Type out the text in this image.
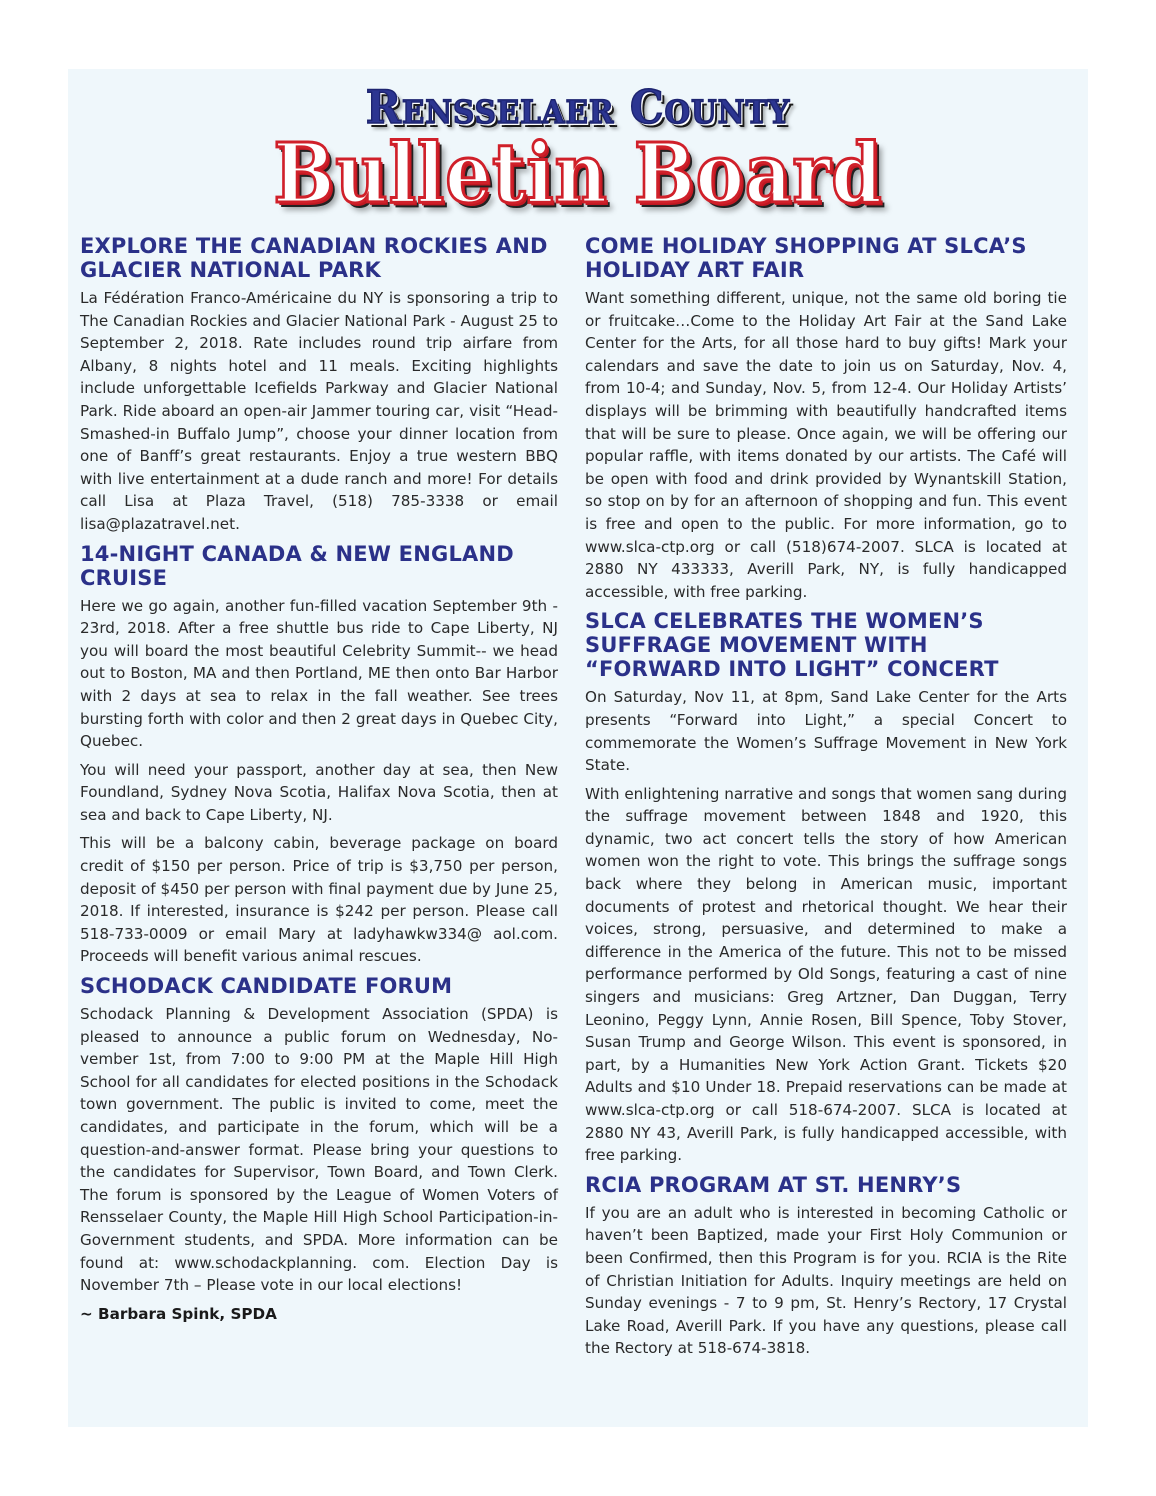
Rensselaer County
Bulletin Board
EXPLORE THE CANADIAN ROCKIES AND GLACIER NATIONAL PARK

La Fédération Franco-Américaine du NY is sponsoring a trip to The Canadian Rockies and Glacier National Park - August 25 to September 2, 2018. Rate includes round trip airfare from Albany, 8 nights hotel and 11 meals. Exciting highlights include unforgettable Icefields Parkway and Glacier National Park. Ride aboard an open-air Jammer touring car, visit “Head-Smashed-in Buffalo Jump”, choose your dinner location from one of Banff’s great restaurants. Enjoy a true western BBQ with live entertainment at a dude ranch and more! For details call Lisa at Plaza Travel, (518) 785-3338 or email lisa@plazatravel.net.

14-NIGHT CANADA & NEW ENGLAND CRUISE

Here we go again, another fun-filled vacation September 9th - 23rd, 2018. After a free shuttle bus ride to Cape Liberty, NJ you will board the most beautiful Celebrity Summit-- we head out to Boston, MA and then Portland, ME then onto Bar Harbor with 2 days at sea to relax in the fall weather. See trees bursting forth with color and then 2 great days in Quebec City, Quebec.

You will need your passport, another day at sea, then New Foundland, Sydney Nova Scotia, Halifax Nova Scotia, then at sea and back to Cape Liberty, NJ.

This will be a balcony cabin, beverage package on board credit of $150 per person. Price of trip is $3,750 per person, deposit of $450 per person with final payment due by June 25, 2018. If interested, insurance is $242 per person. Please call 518-733-0009 or email Mary at ladyhawkw334@ aol.com. Proceeds will benefit various animal rescues.

SCHODACK CANDIDATE FORUM

Schodack Planning & Development Association (SPDA) is pleased to announce a public forum on Wednesday, November 1st, from 7:00 to 9:00 PM at the Maple Hill High School for all candidates for elected positions in the Schodack town government. The public is invited to come, meet the candidates, and participate in the forum, which will be a question-and-answer format. Please bring your questions to the candidates for Supervisor, Town Board, and Town Clerk. The forum is sponsored by the League of Women Voters of Rensselaer County, the Maple Hill High School Participation-in-Government students, and SPDA. More information can be found at: www.schodackplanning. com. Election Day is November 7th – Please vote in our local elections!

~ Barbara Spink, SPDA

COME HOLIDAY SHOPPING AT SLCA’S HOLIDAY ART FAIR

Want something different, unique, not the same old boring tie or fruitcake…Come to the Holiday Art Fair at the Sand Lake Center for the Arts, for all those hard to buy gifts! Mark your calendars and save the date to join us on Saturday, Nov. 4, from 10-4; and Sunday, Nov. 5, from 12-4. Our Holiday Artists’ displays will be brimming with beautifully handcrafted items that will be sure to please. Once again, we will be offering our popular raffle, with items donated by our artists. The Café will be open with food and drink provided by Wynantskill Station, so stop on by for an afternoon of shopping and fun. This event is free and open to the public. For more information, go to www.slca-ctp.org or call (518)674-2007. SLCA is located at 2880 NY 433333, Averill Park, NY, is fully handicapped accessible, with free parking.

SLCA CELEBRATES THE WOMEN’S SUFFRAGE MOVEMENT WITH “FORWARD INTO LIGHT” CONCERT

On Saturday, Nov 11, at 8pm, Sand Lake Center for the Arts presents “Forward into Light,” a special Concert to commemorate the Women’s Suffrage Movement in New York State.

With enlightening narrative and songs that women sang during the suffrage movement between 1848 and 1920, this dynamic, two act concert tells the story of how American women won the right to vote. This brings the suffrage songs back where they belong in American music, important documents of protest and rhetorical thought. We hear their voices, strong, persuasive, and determined to make a difference in the America of the future. This not to be missed performance performed by Old Songs, featuring a cast of nine singers and musicians: Greg Artzner, Dan Duggan, Terry Leonino, Peggy Lynn, Annie Rosen, Bill Spence, Toby Stover, Susan Trump and George Wilson. This event is sponsored, in part, by a Humanities New York Action Grant. Tickets $20 Adults and $10 Under 18. Prepaid reservations can be made at www.slca-ctp.org or call 518-674-2007. SLCA is located at 2880 NY 43, Averill Park, is fully handicapped accessible, with free parking.

RCIA PROGRAM AT ST. HENRY’S

If you are an adult who is interested in becoming Catholic or haven’t been Baptized, made your First Holy Communion or been Confirmed, then this Program is for you. RCIA is the Rite of Christian Initiation for Adults. Inquiry meetings are held on Sunday evenings - 7 to 9 pm, St. Henry’s Rectory, 17 Crystal Lake Road, Averill Park. If you have any questions, please call the Rectory at 518-674-3818.
